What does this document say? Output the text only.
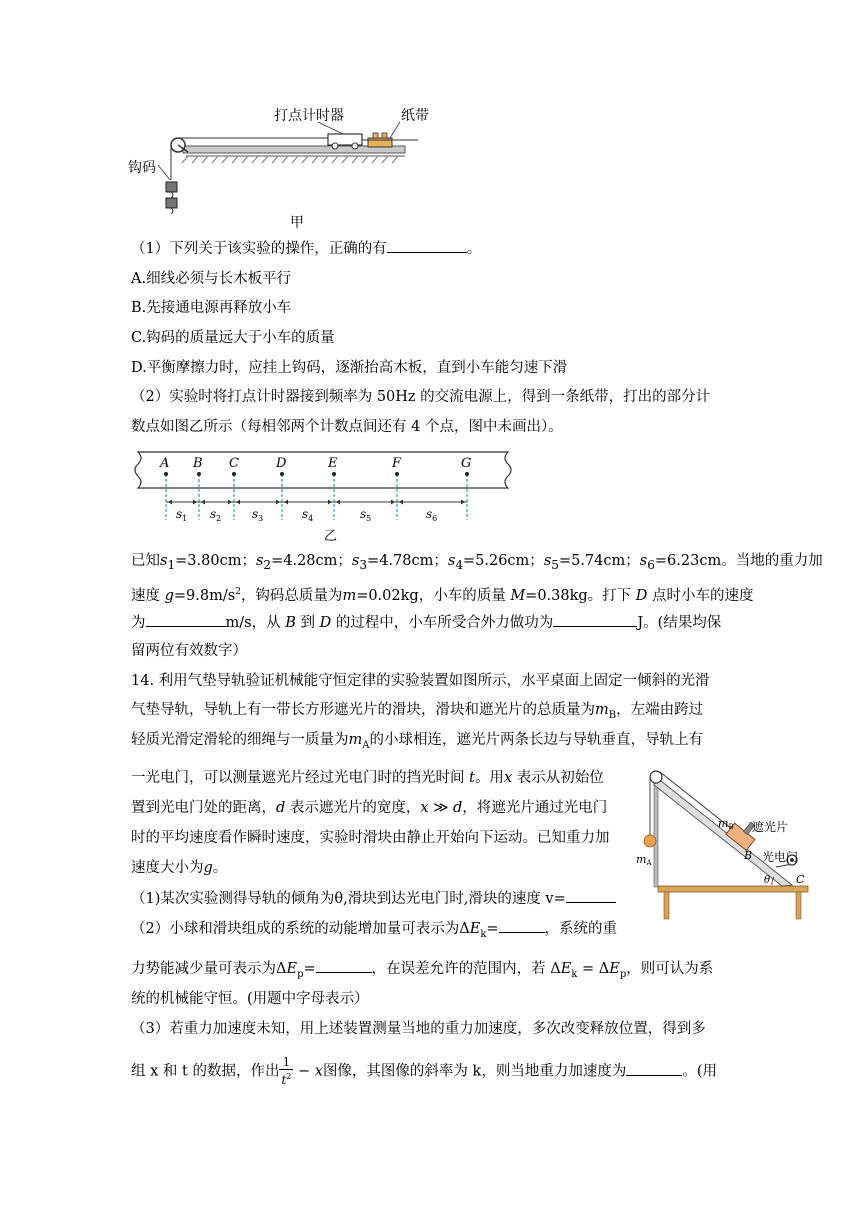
打点计时器	纸带
钩码
甲
（1）下列关于该实验的操作，正确的有	。
A.细线必须与长木板平行
B.先接通电源再释放小车
C.钩码的质量远大于小车的质量
D.平衡摩擦力时，应挂上钩码，逐渐抬高木板，直到小车能匀速下滑
（2）实验时将打点计时器接到频率为 50Hz 的交流电源上，得到一条纸带，打出的部分计
数点如图乙所示（每相邻两个计数点间还有 4 个点，图中未画出）。
A B C	D	E	F	G
$s_1$ $s_2$	$s_3$	$s_4$	$s_5$	$s_6$
乙
已知$s_1=3.80cm$；$s_2=4.28cm$；$s_3=4.78cm$；$s_4=5.26cm$；$s_5=5.74cm$；$s_6=6.23cm$。当地的重力加
速度 $g=9.8m/s^2$，钩码总质量为m=0.02kg，小车的质量 M=0.38kg。打下 D 点时小车的速度
为	m/s，从 B 到 D 的过程中，小车所受合外力做功为	J。(结果均保
留两位有效数字）
14. 利用气垫导轨验证机械能守恒定律的实验装置如图所示，水平桌面上固定一倾斜的光滑
气垫导轨，导轨上有一带长方形遮光片的滑块，滑块和遮光片的总质量为$m_B$，左端由跨过
轻质光滑定滑轮的细绳与一质量为$m_A$的小球相连，遮光片两条长边与导轨垂直，导轨上有
一光电门，可以测量遮光片经过光电门时的挡光时间 t。用x 表示从初始位
置到光电门处的距离，d 表示遮光片的宽度，x ≫ d，将遮光片通过光电门
时的平均速度看作瞬时速度，实验时滑块由静止开始向下运动。已知重力加
速度大小为g。
（1)某次实验测得导轨的倾角为θ,滑块到达光电门时,滑块的速度 v=
（2）小球和滑块组成的系统的动能增加量可表示为$\Delta E_k=$	，系统的重
力势能减少量可表示为$\Delta E_p=$	，在误差允许的范围内，若 $\Delta E_k = \Delta E_p$，则可认为系
统的机械能守恒。(用题中字母表示）
（3）若重力加速度未知，用上述装置测量当地的重力加速度，多次改变释放位置，得到多
组 x 和 t 的数据，作出 $\frac{1}{t^2} - x$图像，其图像的斜率为 k，则当地重力加速度为	。(用
mB 遮光片
B 光电门
mA
θ C
